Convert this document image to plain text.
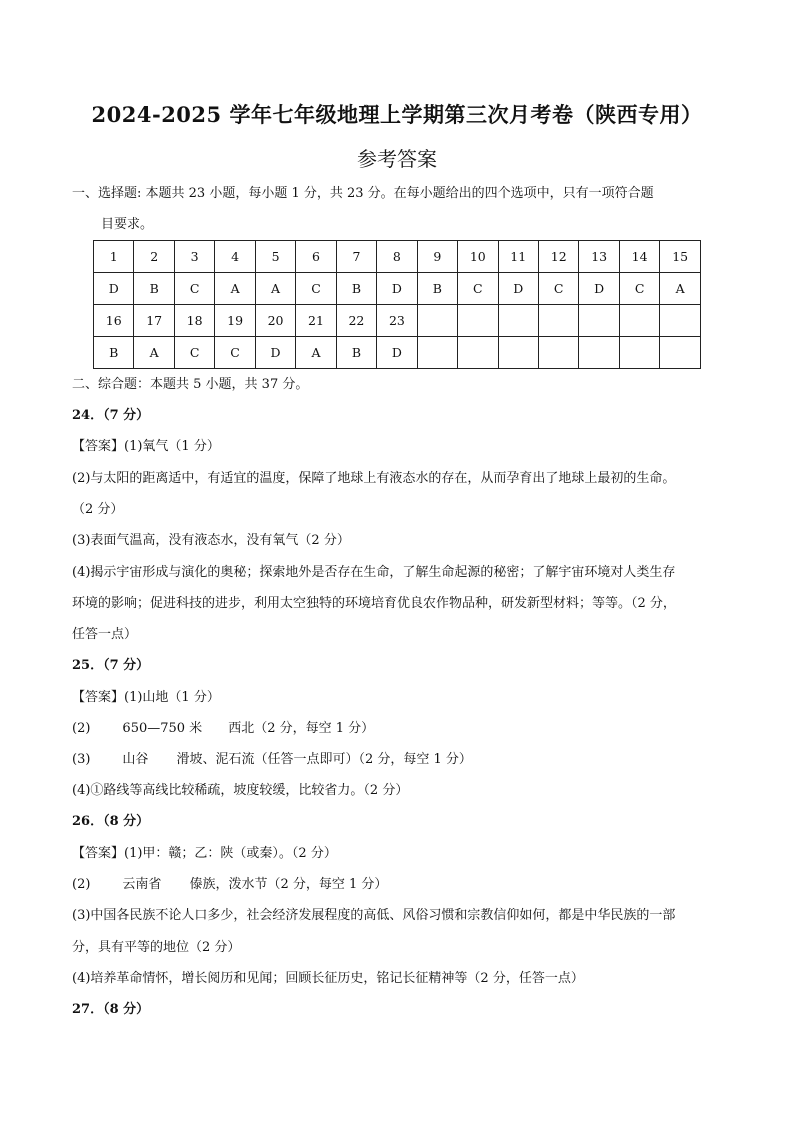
2024-2025 学年七年级地理上学期第三次月考卷（陕西专用）
参考答案
一、选择题: 本题共 23 小题，每小题 1 分，共 23 分。在每小题给出的四个选项中，只有一项符合题
目要求。
1	2	3	4	5	6	7	8	9	10	11	12	13	14	15
D	B	C	A	A	C	B	D	B	C	D	C	D	C	A
16	17	18	19	20	21	22	23							
B	A	C	C	D	A	B	D							
二、综合题：本题共 5 小题，共 37 分。
24．（7 分）
【答案】(1)氧气（1 分）
(2)与太阳的距离适中，有适宜的温度，保障了地球上有液态水的存在，从而孕育出了地球上最初的生命。
（2 分）
(3)表面气温高，没有液态水，没有氧气（2 分）
(4)揭示宇宙形成与演化的奥秘；探索地外是否存在生命，了解生命起源的秘密；了解宇宙环境对人类生存
环境的影响；促进科技的进步，利用太空独特的环境培育优良农作物品种，研发新型材料；等等。（2 分，
任答一点）
25．（7 分）
【答案】(1)山地（1 分）
(2) 650—750 米 西北（2 分，每空 1 分）
(3) 山谷 滑坡、泥石流（任答一点即可）（2 分，每空 1 分）
(4)①路线等高线比较稀疏，坡度较缓，比较省力。（2 分）
26．（8 分）
【答案】(1)甲：赣；乙：陕（或秦）。（2 分）
(2) 云南省 傣族，泼水节（2 分，每空 1 分）
(3)中国各民族不论人口多少，社会经济发展程度的高低、风俗习惯和宗教信仰如何，都是中华民族的一部
分，具有平等的地位（2 分）
(4)培养革命情怀，增长阅历和见闻；回顾长征历史，铭记长征精神等（2 分，任答一点）
27．（8 分）
